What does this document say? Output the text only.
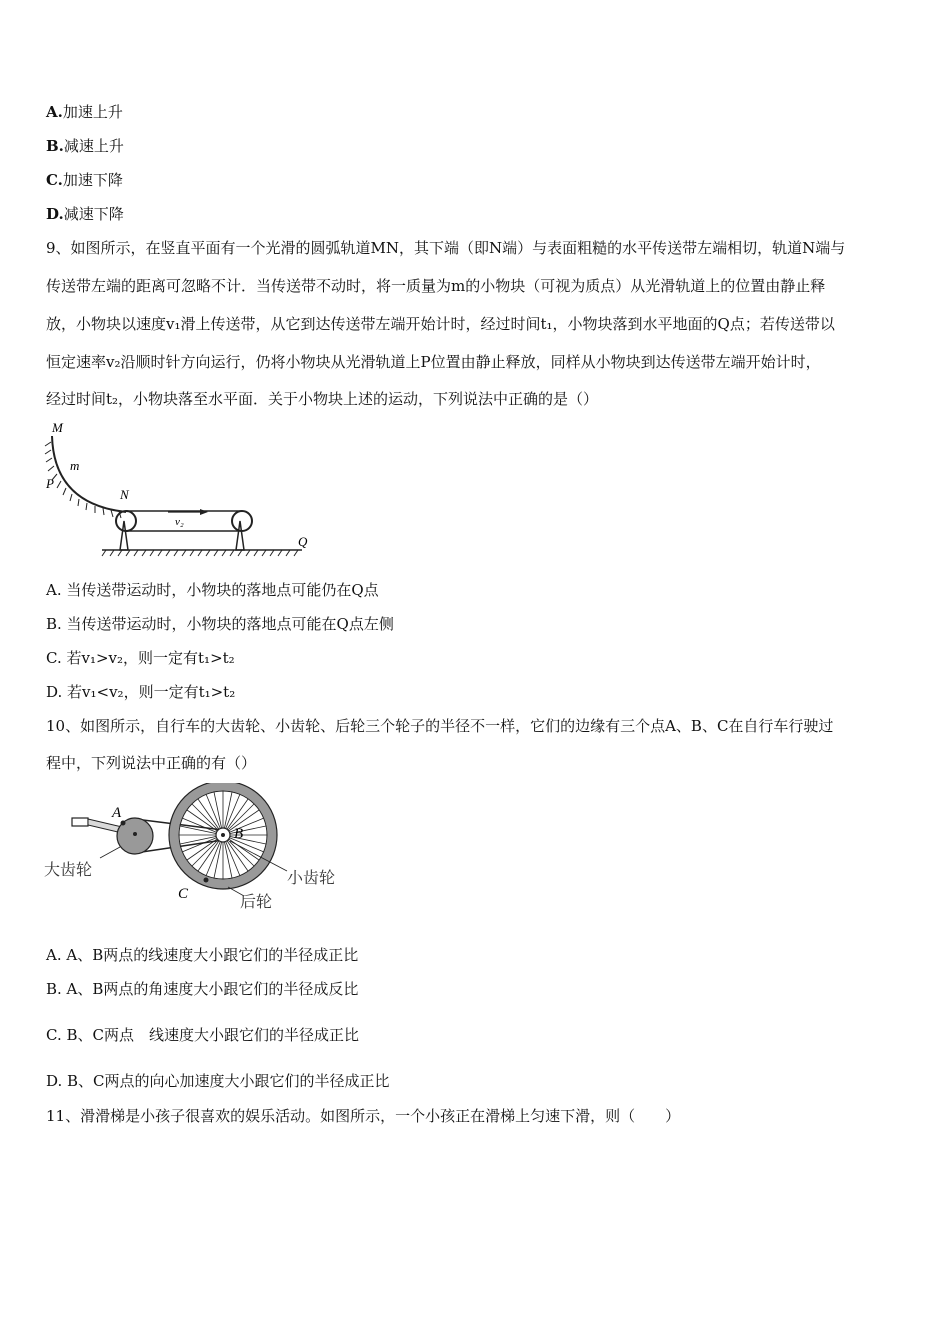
A.加速上升
B.减速上升
C.加速下降
D.减速下降
9、如图所示，在竖直平面有一个光滑的圆弧轨道MN，其下端（即N端）与表面粗糙的水平传送带左端相切，轨道N端与
传送带左端的距离可忽略不计．当传送带不动时，将一质量为m的小物块（可视为质点）从光滑轨道上的位置由静止释
放，小物块以速度v₁滑上传送带，从它到达传送带左端开始计时，经过时间t₁，小物块落到水平地面的Q点；若传送带以
恒定速率v₂沿顺时针方向运行，仍将小物块从光滑轨道上P位置由静止释放，同样从小物块到达传送带左端开始计时，
经过时间t₂，小物块落至水平面．关于小物块上述的运动，下列说法中正确的是（）
M
m
P
N
v₂
Q
A. 当传送带运动时，小物块的落地点可能仍在Q点
B. 当传送带运动时，小物块的落地点可能在Q点左侧
C. 若v₁>v₂，则一定有t₁>t₂
D. 若v₁<v₂，则一定有t₁>t₂
10、如图所示，自行车的大齿轮、小齿轮、后轮三个轮子的半径不一样，它们的边缘有三个点A、B、C在自行车行驶过
程中，下列说法中正确的有（）
A
B
C
大齿轮	小齿轮
后轮
A. A、B两点的线速度大小跟它们的半径成正比
B. A、B两点的角速度大小跟它们的半径成反比
C. B、C两点　线速度大小跟它们的半径成正比
D. B、C两点的向心加速度大小跟它们的半径成正比
11、滑滑梯是小孩子很喜欢的娱乐活动。如图所示，一个小孩正在滑梯上匀速下滑，则（　　）
